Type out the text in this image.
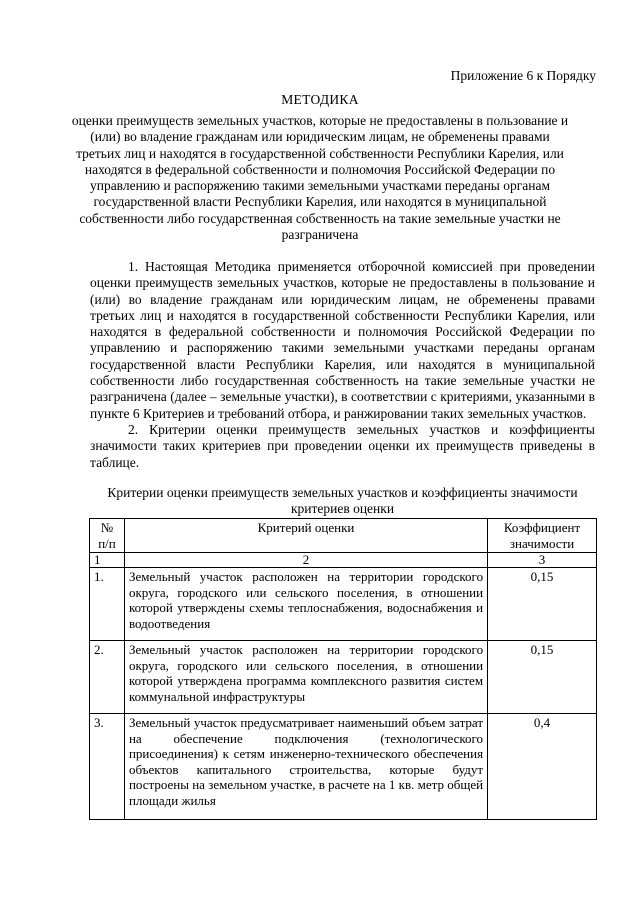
Приложение 6 к Порядку
МЕТОДИКА
оценки преимуществ земельных участков, которые не предоставлены в пользование и (или) во владение гражданам или юридическим лицам, не обременены правами третьих лиц и находятся в государственной собственности Республики Карелия, или находятся в федеральной собственности и полномочия Российской Федерации по управлению и распоряжению такими земельными участками переданы органам государственной власти Республики Карелия, или находятся в муниципальной собственности либо государственная собственность на такие земельные участки не разграничена

1. Настоящая Методика применяется отборочной комиссией при проведении оценки преимуществ земельных участков, которые не предоставлены в пользование и (или) во владение гражданам или юридическим лицам, не обременены правами третьих лиц и находятся в государственной собственности Республики Карелия, или находятся в федеральной собственности и полномочия Российской Федерации по управлению и распоряжению такими земельными участками переданы органам государственной власти Республики Карелия, или находятся в муниципальной собственности либо государственная собственность на такие земельные участки не разграничена (далее – земельные участки), в соответствии с критериями, указанными в пункте 6 Критериев и требований отбора, и ранжировании таких земельных участков.

2. Критерии оценки преимуществ земельных участков и коэффициенты значимости таких критериев при проведении оценки их преимуществ приведены в таблице.

Критерии оценки преимуществ земельных участков и коэффициенты значимости критериев оценки
№ п/п	Критерий оценки	Коэффициент значимости
1	2	3
1.	Земельный участок расположен на территории городского округа, городского или сельского поселения, в отношении которой утверждены схемы теплоснабжения, водоснабжения и водоотведения	0,15
2.	Земельный участок расположен на территории городского округа, городского или сельского поселения, в отношении которой утверждена программа комплексного развития систем коммунальной инфраструктуры	0,15
3.	Земельный участок предусматривает наименьший объем затрат на обеспечение подключения (технологического присоединения) к сетям инженерно-технического обеспечения объектов капитального строительства, которые будут построены на земельном участке, в расчете на 1 кв. метр общей площади жилья	0,4
